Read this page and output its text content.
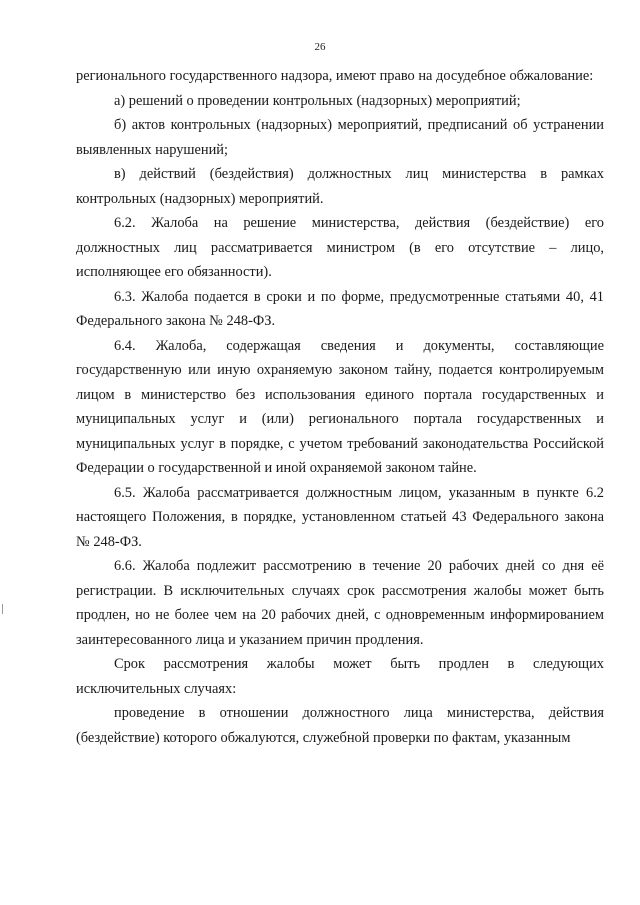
26

регионального государственного надзора, имеют право на досудебное обжалование:

а) решений о проведении контрольных (надзорных) мероприятий;

б) актов контрольных (надзорных) мероприятий, предписаний об устранении выявленных нарушений;

в) действий (бездействия) должностных лиц министерства в рамках контрольных (надзорных) мероприятий.

6.2. Жалоба на решение министерства, действия (бездействие) его должностных лиц рассматривается министром (в его отсутствие – лицо, исполняющее его обязанности).

6.3. Жалоба подается в сроки и по форме, предусмотренные статьями 40, 41 Федерального закона № 248-ФЗ.

6.4. Жалоба, содержащая сведения и документы, составляющие государственную или иную охраняемую законом тайну, подается контролируемым лицом в министерство без использования единого портала государственных и муниципальных услуг и (или) регионального портала государственных и муниципальных услуг в порядке, с учетом требований законодательства Российской Федерации о государственной и иной охраняемой законом тайне.

6.5. Жалоба рассматривается должностным лицом, указанным в пункте 6.2 настоящего Положения, в порядке, установленном статьей 43 Федерального закона № 248-ФЗ.

6.6. Жалоба подлежит рассмотрению в течение 20 рабочих дней со дня её регистрации. В исключительных случаях срок рассмотрения жалобы может быть продлен, но не более чем на 20 рабочих дней, с одновременным информированием заинтересованного лица и указанием причин продления.

Срок рассмотрения жалобы может быть продлен в следующих исключительных случаях:

проведение в отношении должностного лица министерства, действия (бездействие) которого обжалуются, служебной проверки по фактам, указанным
